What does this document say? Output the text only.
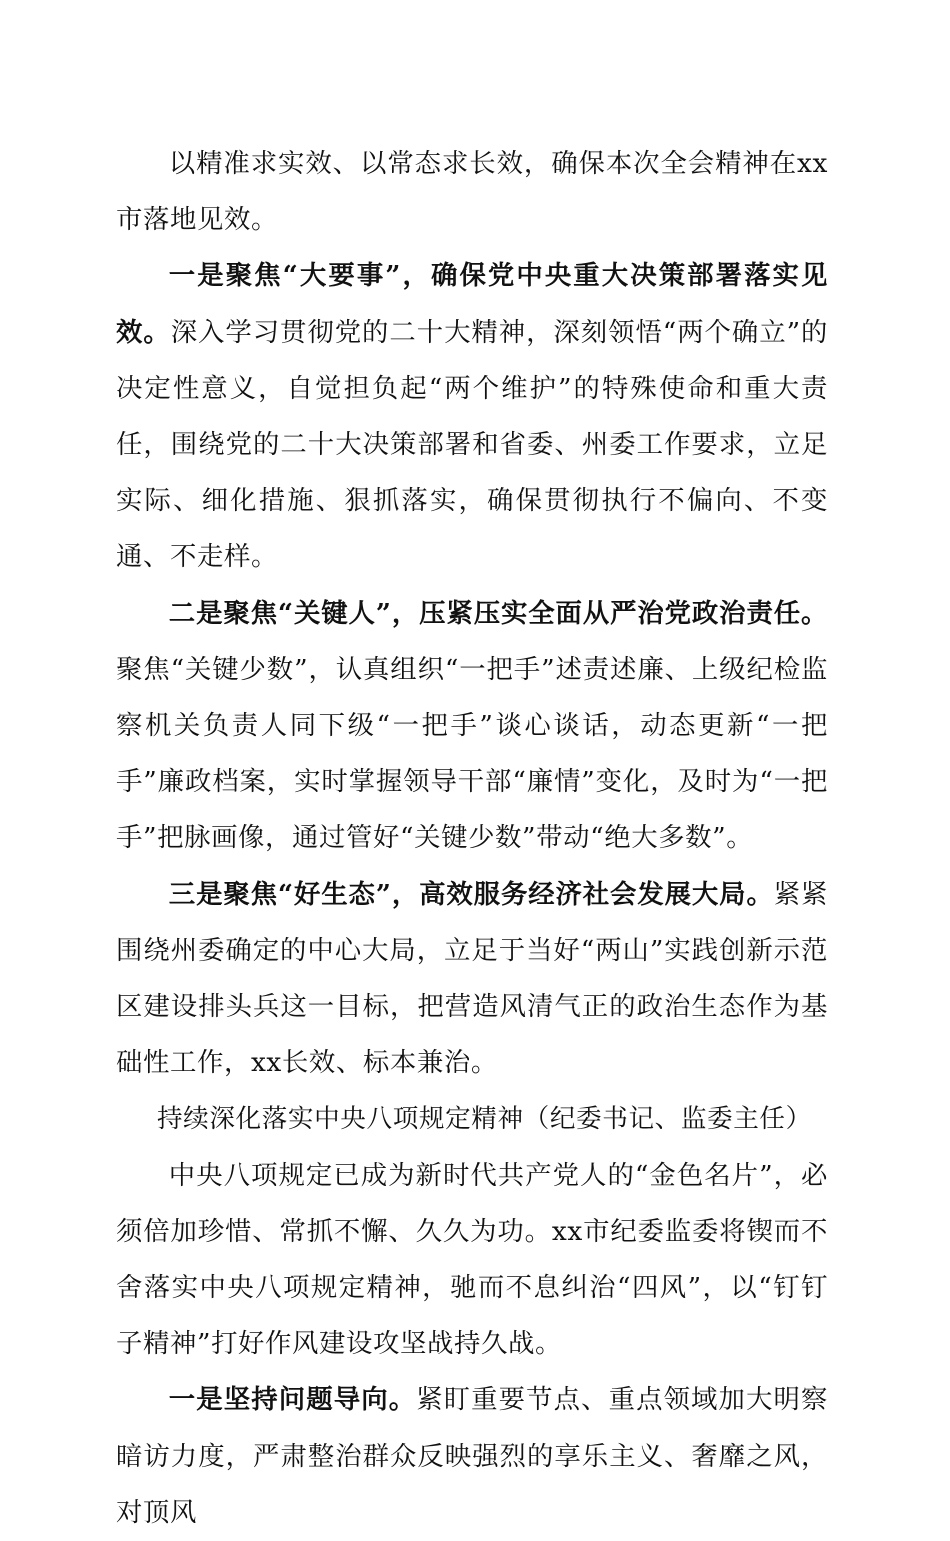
以精准求实效、以常态求长效，确保本次全会精神在xx市落地见效。

一是聚焦“大要事”，确保党中央重大决策部署落实见效。深入学习贯彻党的二十大精神，深刻领悟“两个确立”的决定性意义，自觉担负起“两个维护”的特殊使命和重大责任，围绕党的二十大决策部署和省委、州委工作要求，立足实际、细化措施、狠抓落实，确保贯彻执行不偏向、不变通、不走样。

二是聚焦“关键人”，压紧压实全面从严治党政治责任。聚焦“关键少数”，认真组织“一把手”述责述廉、上级纪检监察机关负责人同下级“一把手”谈心谈话，动态更新“一把手”廉政档案，实时掌握领导干部“廉情”变化，及时为“一把手”把脉画像，通过管好“关键少数”带动“绝大多数”。

三是聚焦“好生态”，高效服务经济社会发展大局。紧紧围绕州委确定的中心大局，立足于当好“两山”实践创新示范区建设排头兵这一目标，把营造风清气正的政治生态作为基础性工作，xx长效、标本兼治。

持续深化落实中央八项规定精神（纪委书记、监委主任）

中央八项规定已成为新时代共产党人的“金色名片”，必须倍加珍惜、常抓不懈、久久为功。xx市纪委监委将锲而不舍落实中央八项规定精神，驰而不息纠治“四风”，以“钉钉子精神”打好作风建设攻坚战持久战。

一是坚持问题导向。紧盯重要节点、重点领域加大明察暗访力度，严肃整治群众反映强烈的享乐主义、奢靡之风，对顶风
